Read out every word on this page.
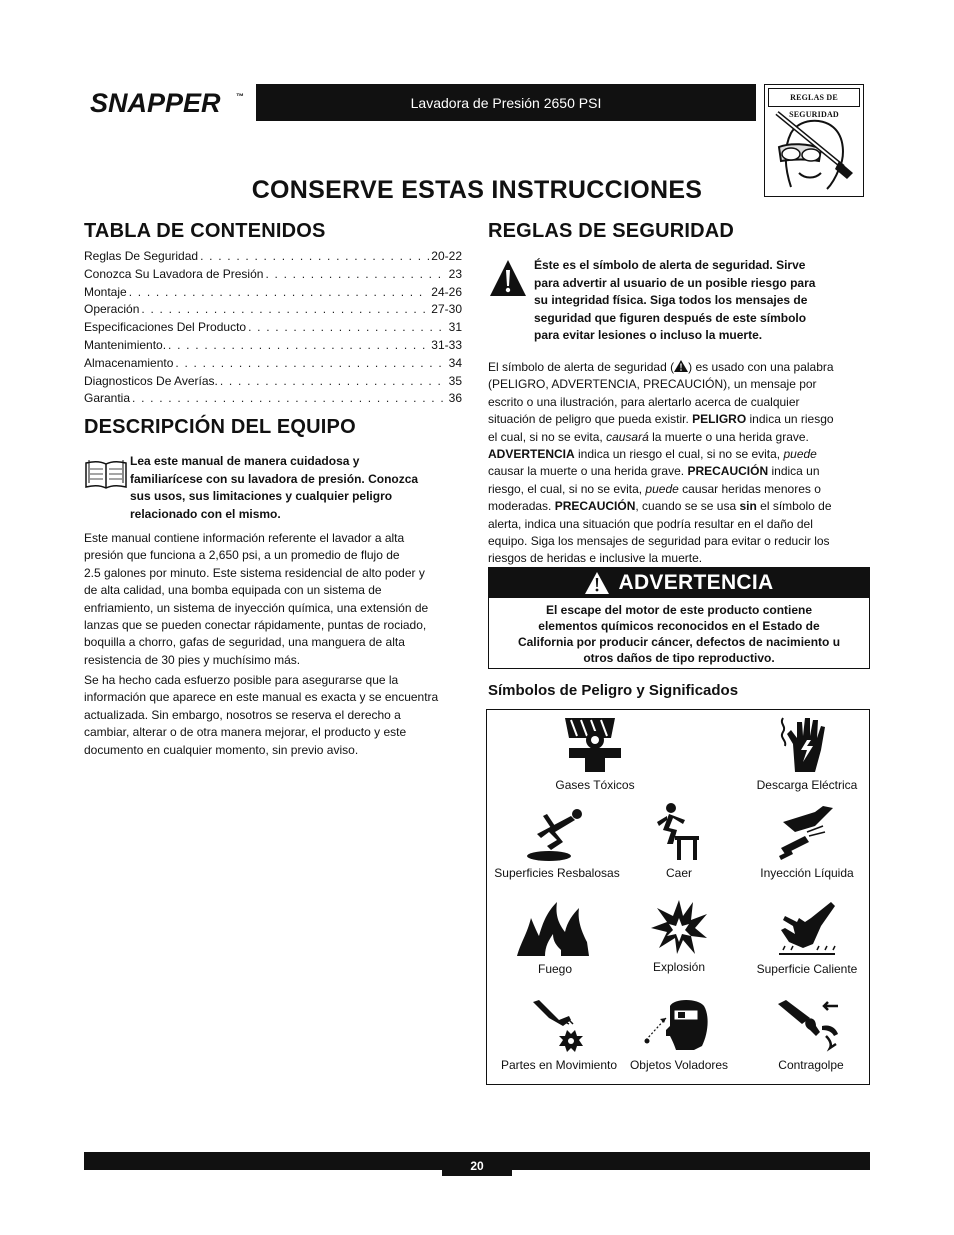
SNAPPER ™	Lavadora de Presión 2650 PSI	REGLAS DE SEGURIDAD
CONSERVE ESTAS INSTRUCCIONES
TABLA DE CONTENIDOS
Reglas De Seguridad . . .	20-22
Conozca Su Lavadora de Presión . . .	23
Montaje . . .	24-26
Operación . . .	27-30
Especificaciones Del Producto . . .	31
Mantenimiento. . . .	31-33
Almacenamiento . . .	34
Diagnosticos De Averías. . . .	35
Garantia . . .	36
DESCRIPCIÓN DEL EQUIPO
Lea este manual de manera cuidadosa y
familiarícese con su lavadora de presión. Conozca
sus usos, sus limitaciones y cualquier peligro
relacionado con el mismo.
Este manual contiene información referente el lavador a alta
presión que funciona a 2,650 psi, a un promedio de flujo de
2.5 galones por minuto. Este sistema residencial de alto poder y
de alta calidad, una bomba equipada con un sistema de
enfriamiento, un sistema de inyección química, una extensión de
lanzas que se pueden conectar rápidamente, puntas de rociado,
boquilla a chorro, gafas de seguridad, una manguera de alta
resistencia de 30 pies y muchísimo más.
Se ha hecho cada esfuerzo posible para asegurarse que la
información que aparece en este manual es exacta y se encuentra
actualizada. Sin embargo, nosotros se reserva el derecho a
cambiar, alterar o de otra manera mejorar, el producto y este
documento en cualquier momento, sin previo aviso.
REGLAS DE SEGURIDAD
Éste es el símbolo de alerta de seguridad. Sirve
para advertir al usuario de un posible riesgo para
su integridad física. Siga todos los mensajes de
seguridad que figuren después de este símbolo
para evitar lesiones o incluso la muerte.
El símbolo de alerta de seguridad ( ) es usado con una palabra
(PELIGRO, ADVERTENCIA, PRECAUCIÓN), un mensaje por
escrito o una ilustración, para alertarlo acerca de cualquier
situación de peligro que pueda existir. PELIGRO indica un riesgo
el cual, si no se evita, causará la muerte o una herida grave.
ADVERTENCIA indica un riesgo el cual, si no se evita, puede
causar la muerte o una herida grave. PRECAUCIÓN indica un
riesgo, el cual, si no se evita, puede causar heridas menores o
moderadas. PRECAUCIÓN, cuando se se usa sin el símbolo de
alerta, indica una situación que podría resultar en el daño del
equipo. Siga los mensajes de seguridad para evitar o reducir los
riesgos de heridas e inclusive la muerte.
ADVERTENCIA
El escape del motor de este producto contiene
elementos químicos reconocidos en el Estado de
California por producir cáncer, defectos de nacimiento u
otros daños de tipo reproductivo.
Símbolos de Peligro y Significados
Gases Tóxicos	Descarga Eléctrica
Superficies Resbalosas	Caer	Inyección Líquida
Fuego	Explosión	Superficie Caliente
Partes en Movimiento	Objetos Voladores	Contragolpe
20
